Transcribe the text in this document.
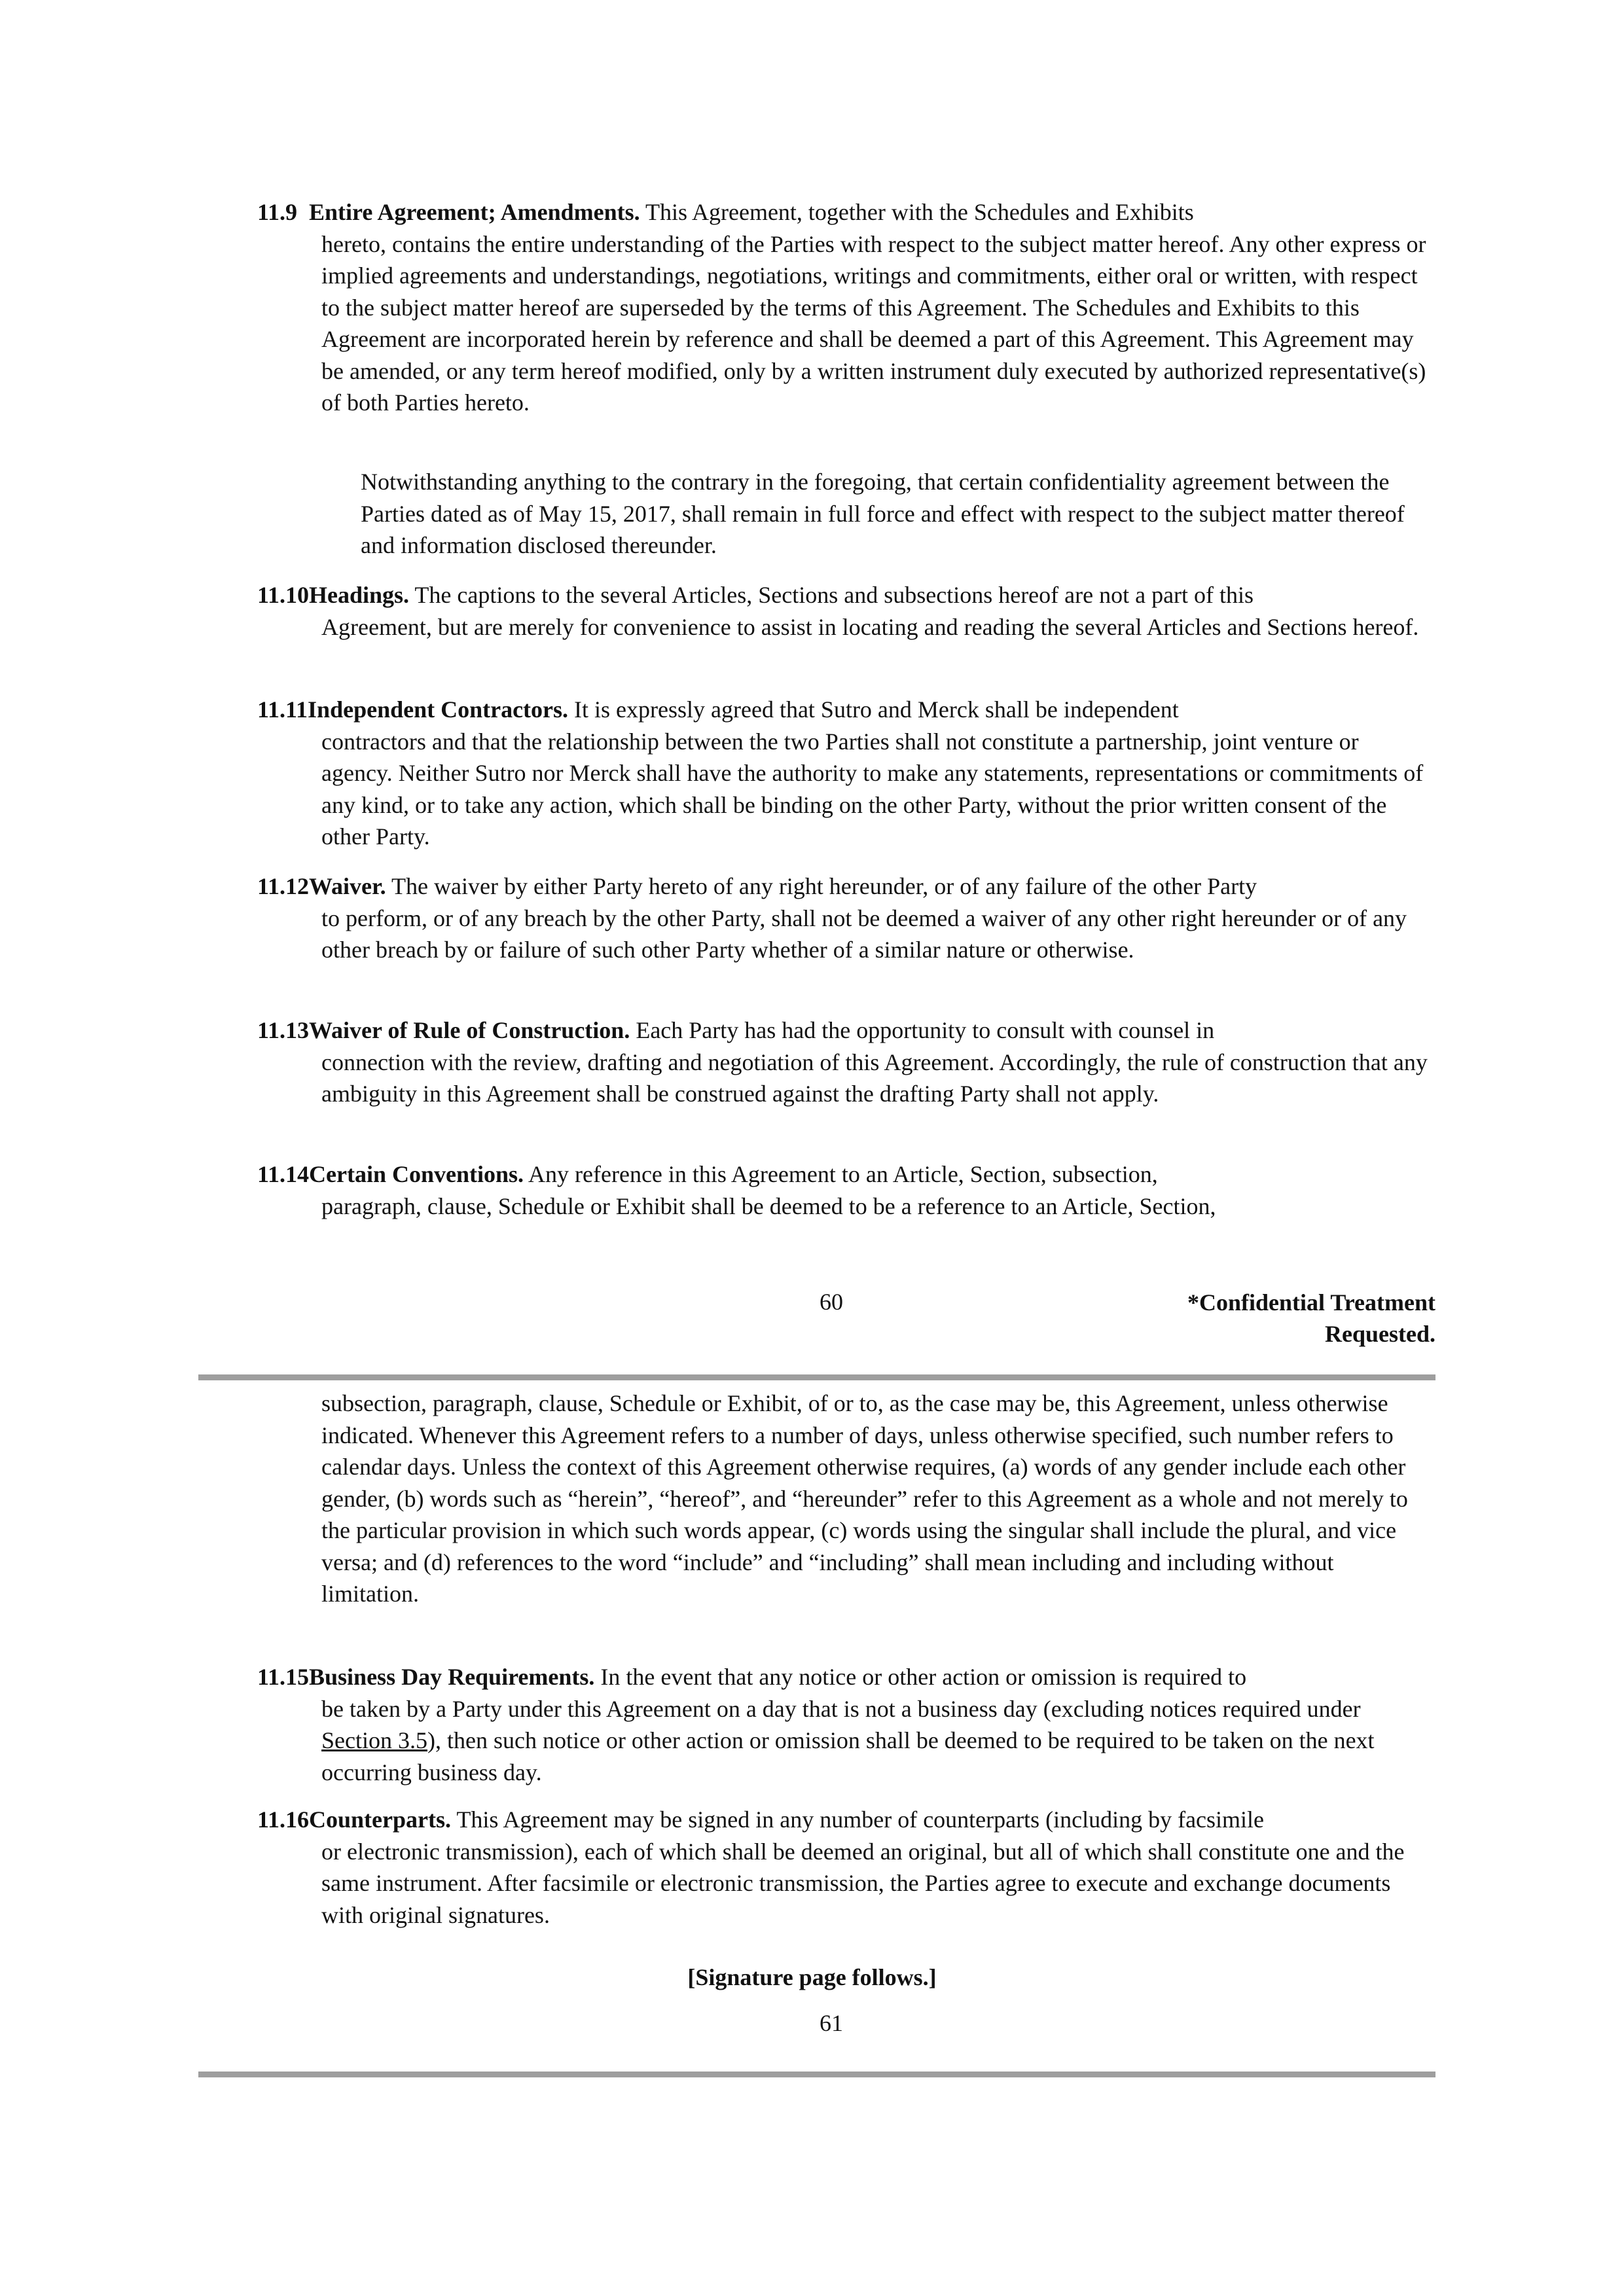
11.9 Entire Agreement; Amendments. This Agreement, together with the Schedules and Exhibits
hereto, contains the entire understanding of the Parties with respect to the subject matter hereof. Any other express or implied agreements and understandings, negotiations, writings and commitments, either oral or written, with respect to the subject matter hereof are superseded by the terms of this Agreement. The Schedules and Exhibits to this Agreement are incorporated herein by reference and shall be deemed a part of this Agreement. This Agreement may be amended, or any term hereof modified, only by a written instrument duly executed by authorized representative(s) of both Parties hereto.
Notwithstanding anything to the contrary in the foregoing, that certain confidentiality agreement between the Parties dated as of May 15, 2017, shall remain in full force and effect with respect to the subject matter thereof and information disclosed thereunder.
11.10Headings. The captions to the several Articles, Sections and subsections hereof are not a part of this
Agreement, but are merely for convenience to assist in locating and reading the several Articles and Sections hereof.
11.11Independent Contractors. It is expressly agreed that Sutro and Merck shall be independent
contractors and that the relationship between the two Parties shall not constitute a partnership, joint venture or agency. Neither Sutro nor Merck shall have the authority to make any statements, representations or commitments of any kind, or to take any action, which shall be binding on the other Party, without the prior written consent of the other Party.
11.12Waiver. The waiver by either Party hereto of any right hereunder, or of any failure of the other Party
to perform, or of any breach by the other Party, shall not be deemed a waiver of any other right hereunder or of any other breach by or failure of such other Party whether of a similar nature or otherwise.
11.13Waiver of Rule of Construction. Each Party has had the opportunity to consult with counsel in
connection with the review, drafting and negotiation of this Agreement. Accordingly, the rule of construction that any ambiguity in this Agreement shall be construed against the drafting Party shall not apply.
11.14Certain Conventions. Any reference in this Agreement to an Article, Section, subsection,
paragraph, clause, Schedule or Exhibit shall be deemed to be a reference to an Article, Section,
60	*Confidential Treatment
Requested.
subsection, paragraph, clause, Schedule or Exhibit, of or to, as the case may be, this Agreement, unless otherwise indicated. Whenever this Agreement refers to a number of days, unless otherwise specified, such number refers to calendar days. Unless the context of this Agreement otherwise requires, (a) words of any gender include each other gender, (b) words such as “herein”, “hereof”, and “hereunder” refer to this Agreement as a whole and not merely to the particular provision in which such words appear, (c) words using the singular shall include the plural, and vice versa; and (d) references to the word “include” and “including” shall mean including and including without limitation.
11.15Business Day Requirements. In the event that any notice or other action or omission is required to
be taken by a Party under this Agreement on a day that is not a business day (excluding notices required under Section 3.5), then such notice or other action or omission shall be deemed to be required to be taken on the next occurring business day.
11.16Counterparts. This Agreement may be signed in any number of counterparts (including by facsimile
or electronic transmission), each of which shall be deemed an original, but all of which shall constitute one and the same instrument. After facsimile or electronic transmission, the Parties agree to execute and exchange documents with original signatures.
[Signature page follows.]
61
